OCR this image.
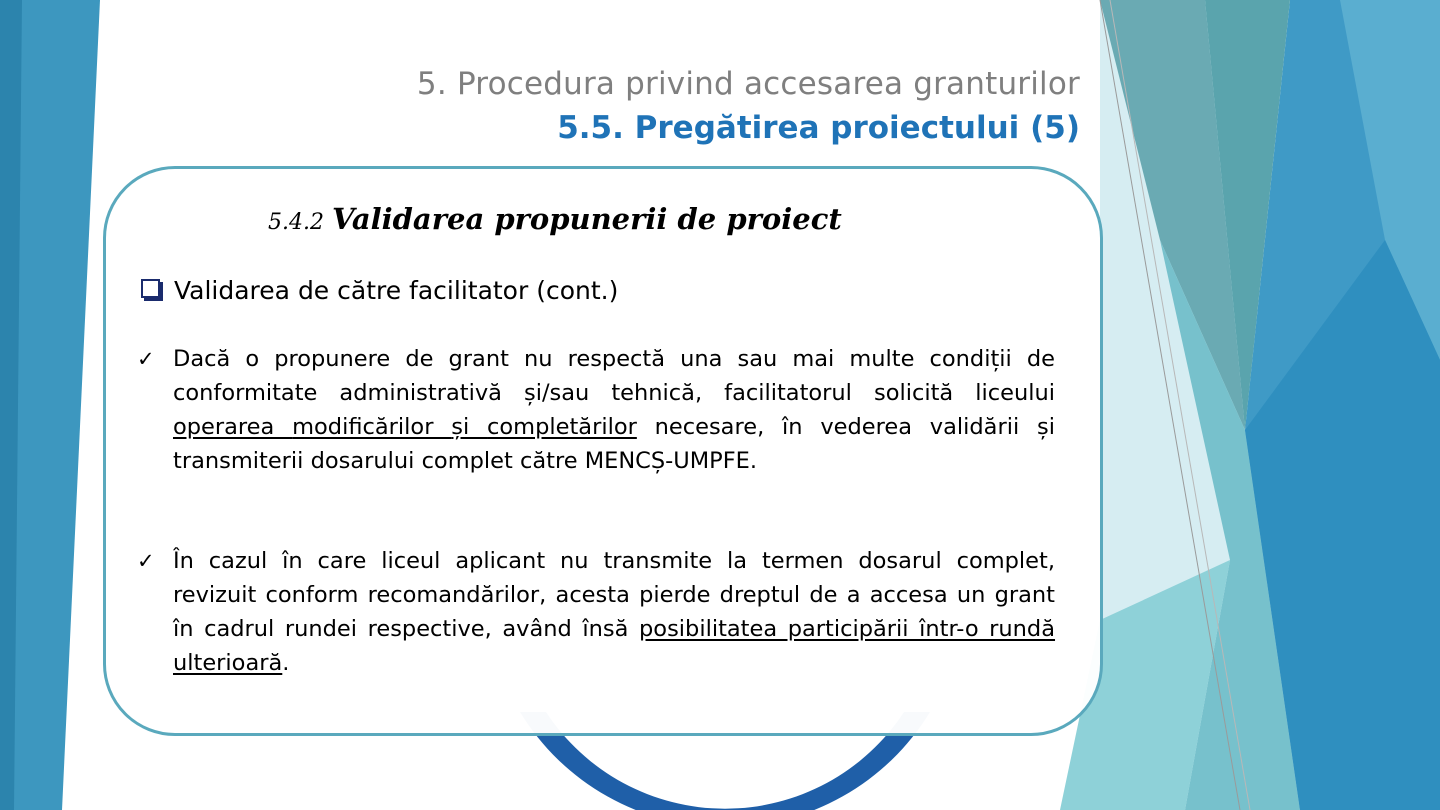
MAN
5. Procedura privind accesarea granturilor
5.5. Pregătirea proiectului (5)
5.4.2 Validarea propunerii de proiect
Validarea de către facilitator (cont.)
✓ Dacă o propunere de grant nu respectă una sau mai multe condiții de conformitate administrativă și/sau tehnică, facilitatorul solicită liceului operarea modificărilor și completărilor necesare, în vederea validării și transmiterii dosarului complet către MENCȘ-UMPFE.
✓ În cazul în care liceul aplicant nu transmite la termen dosarul complet, revizuit conform recomandărilor, acesta pierde dreptul de a accesa un grant în cadrul rundei respective, având însă posibilitatea participării într-o rundă ulterioară.
